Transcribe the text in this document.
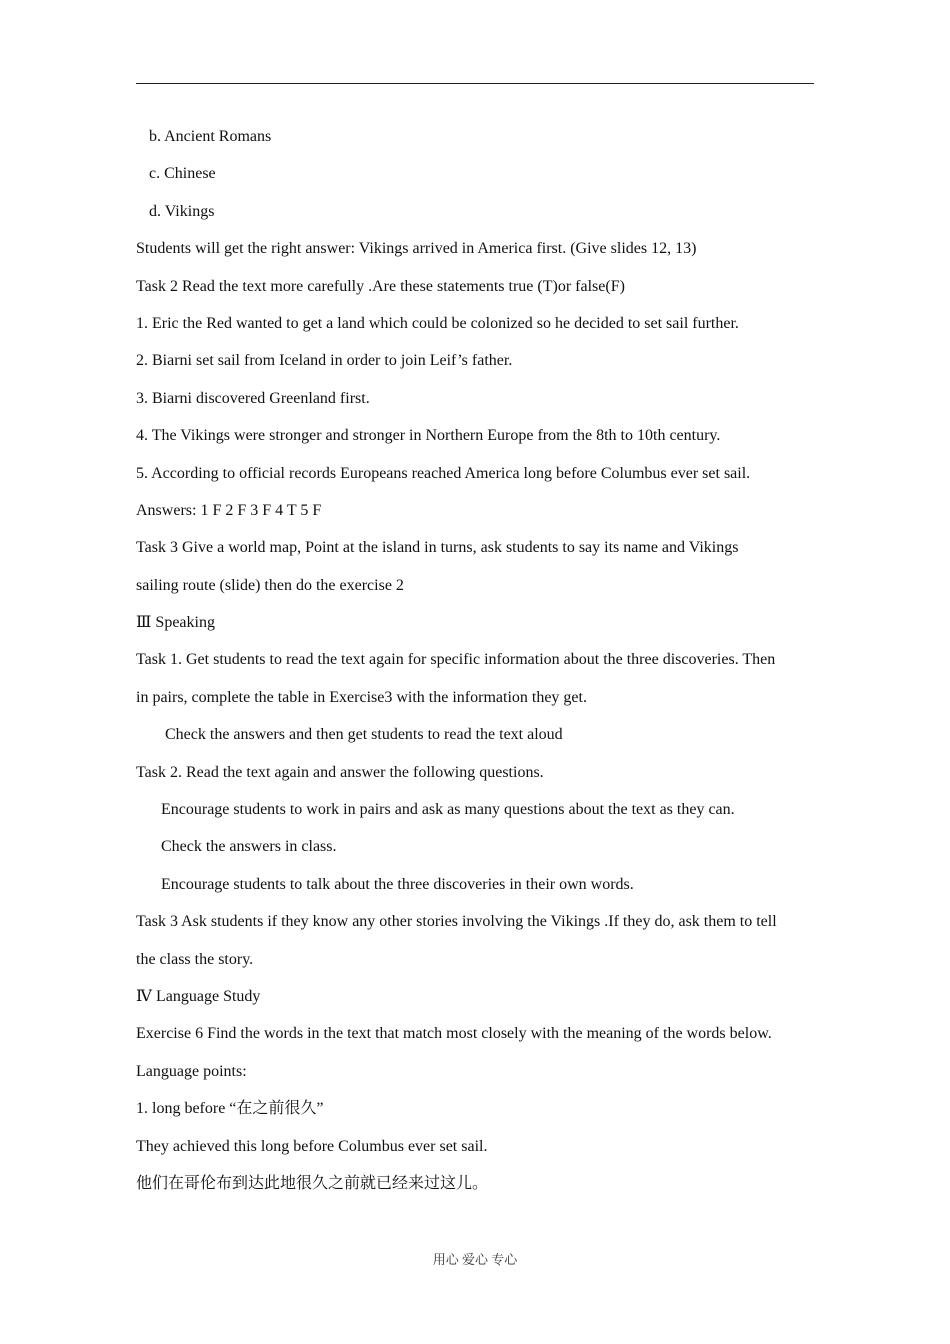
b. Ancient Romans
c. Chinese
d. Vikings
Students will get the right answer: Vikings arrived in America first. (Give slides 12, 13)
Task 2 Read the text more carefully .Are these statements true (T)or false(F)
1. Eric the Red wanted to get a land which could be colonized so he decided to set sail further.
2. Biarni set sail from Iceland in order to join Leif’s father.
3. Biarni discovered Greenland first.
4. The Vikings were stronger and stronger in Northern Europe from the 8th to 10th century.
5. According to official records Europeans reached America long before Columbus ever set sail.
Answers: 1 F 2 F 3 F 4 T 5 F
Task 3 Give a world map, Point at the island in turns, ask students to say its name and Vikings
sailing route (slide) then do the exercise 2
Ⅲ Speaking
Task 1. Get students to read the text again for specific information about the three discoveries. Then
in pairs, complete the table in Exercise3 with the information they get.
Check the answers and then get students to read the text aloud
Task 2. Read the text again and answer the following questions.
Encourage students to work in pairs and ask as many questions about the text as they can.
Check the answers in class.
Encourage students to talk about the three discoveries in their own words.
Task 3 Ask students if they know any other stories involving the Vikings .If they do, ask them to tell
the class the story.
Ⅳ Language Study
Exercise 6 Find the words in the text that match most closely with the meaning of the words below.
Language points:
1. long before “在之前很久”
They achieved this long before Columbus ever set sail.
他们在哥伦布到达此地很久之前就已经来过这儿。
用心 爱心 专心
